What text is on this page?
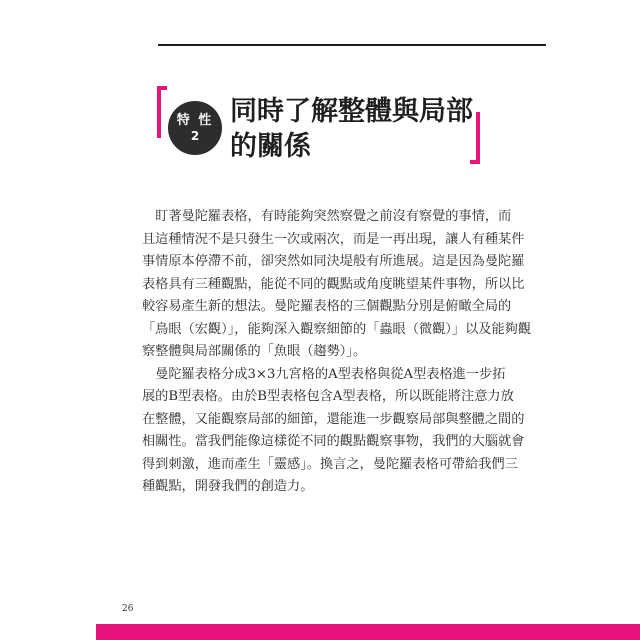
特 性
2
同時了解整體與局部
的關係
　盯著曼陀羅表格，有時能夠突然察覺之前沒有察覺的事情，而
且這種情況不是只發生一次或兩次，而是一再出現，讓人有種某件
事情原本停滯不前，卻突然如同決堤般有所進展。這是因為曼陀羅
表格具有三種觀點，能從不同的觀點或角度眺望某件事物，所以比
較容易產生新的想法。曼陀羅表格的三個觀點分別是俯瞰全局的
「鳥眼（宏觀）」，能夠深入觀察細節的「蟲眼（微觀）」以及能夠觀
察整體與局部關係的「魚眼（趨勢）」。
　曼陀羅表格分成3×3九宮格的A型表格與從A型表格進一步拓
展的B型表格。由於B型表格包含A型表格，所以既能將注意力放
在整體，又能觀察局部的細節，還能進一步觀察局部與整體之間的
相關性。當我們能像這樣從不同的觀點觀察事物，我們的大腦就會
得到刺激，進而產生「靈感」。換言之，曼陀羅表格可帶給我們三
種觀點，開發我們的創造力。
26
